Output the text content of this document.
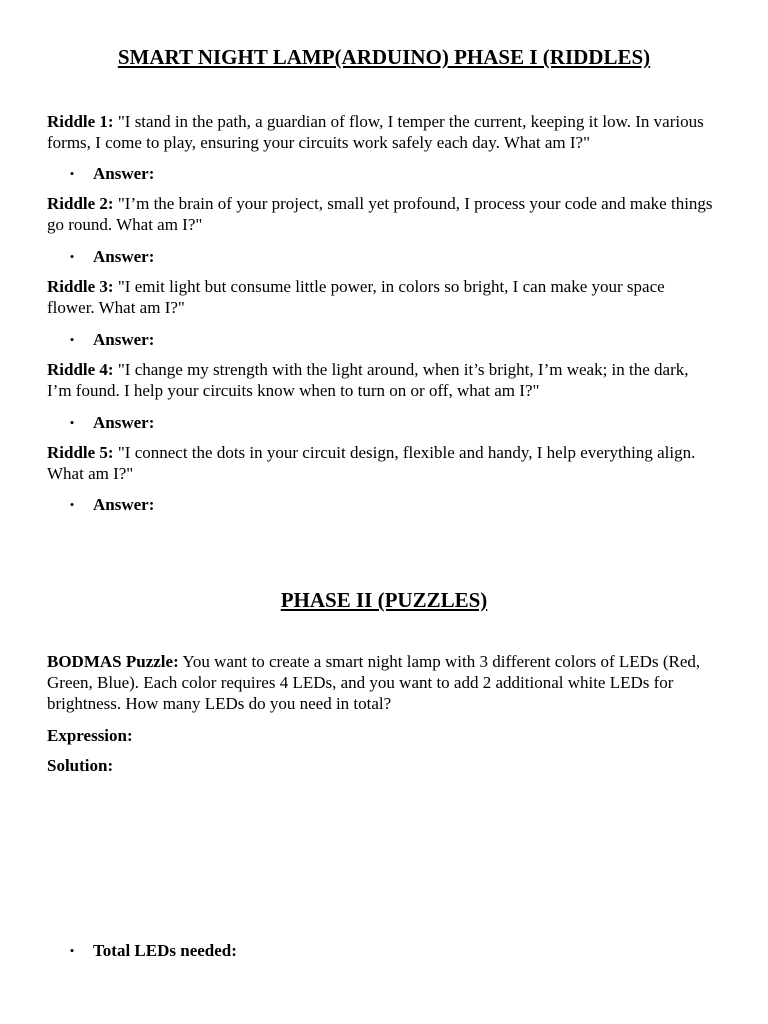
SMART NIGHT LAMP(ARDUINO) PHASE I (RIDDLES)

Riddle 1: "I stand in the path, a guardian of flow, I temper the current, keeping it low. In various forms, I come to play, ensuring your circuits work safely each day. What am I?"

• Answer:

Riddle 2: "I’m the brain of your project, small yet profound, I process your code and make things go round. What am I?"

• Answer:

Riddle 3: "I emit light but consume little power, in colors so bright, I can make your space flower. What am I?"

• Answer:

Riddle 4: "I change my strength with the light around, when it’s bright, I’m weak; in the dark, I’m found. I help your circuits know when to turn on or off, what am I?"

• Answer:

Riddle 5: "I connect the dots in your circuit design, flexible and handy, I help everything align. What am I?"

• Answer:
PHASE II (PUZZLES)

BODMAS Puzzle: You want to create a smart night lamp with 3 different colors of LEDs (Red, Green, Blue). Each color requires 4 LEDs, and you want to add 2 additional white LEDs for brightness. How many LEDs do you need in total?

Expression:
Solution:
• Total LEDs needed:
